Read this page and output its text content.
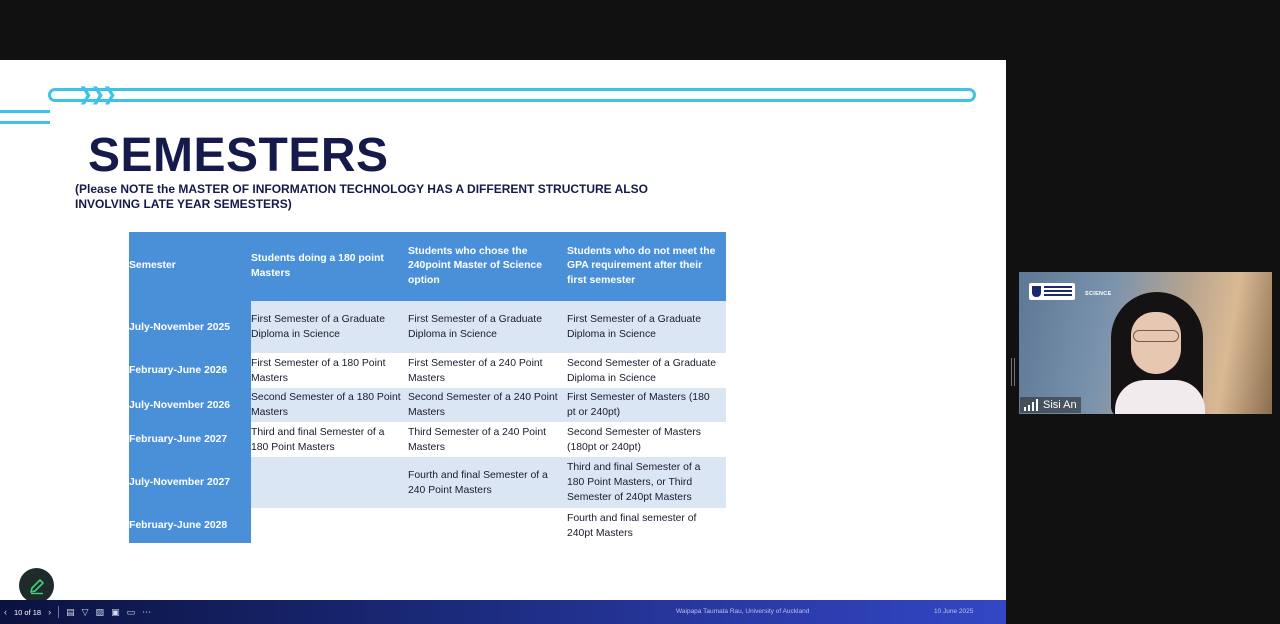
❯❯❯
SEMESTERS
(Please NOTE the MASTER OF INFORMATION TECHNOLOGY HAS A DIFFERENT STRUCTURE ALSO INVOLVING LATE YEAR SEMESTERS)
Semester	Students doing a 180 point Masters	Students who chose the 240point Master of Science option	Students who do not meet the GPA requirement after their first semester
July-November 2025	First Semester of a Graduate Diploma in Science	First Semester of a Graduate Diploma in Science	First Semester of a Graduate Diploma in Science
February-June 2026	First Semester of a 180 Point Masters	First Semester of a 240 Point Masters	Second Semester of a Graduate Diploma in Science
July-November 2026	Second Semester of a 180 Point Masters	Second Semester of a 240 Point Masters	First Semester of Masters (180 pt or 240pt)
February-June 2027	Third and final Semester of a 180 Point Masters	Third Semester of a 240 Point Masters	Second Semester of Masters (180pt or 240pt)
July-November 2027		Fourth and final Semester of a 240 Point Masters	Third and final Semester of a 180 Point Masters, or Third Semester of 240pt Masters
February-June 2028			Fourth and final semester of 240pt Masters
‹ 10 of 18 › ▤ ▽ ▨ ▣ ▭ ⋯	Waipapa Taumata Rau, University of Auckland	10 June 2025
SCIENCE
Sisi An
